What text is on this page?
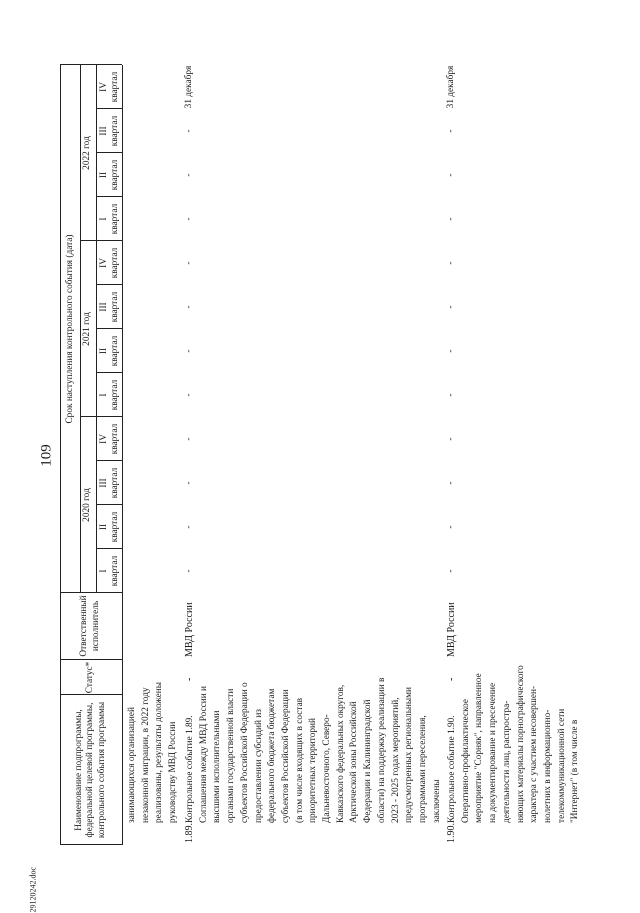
109
29120242.doc
Наименование подпрограммы, федеральной целевой программы, контрольного события программы
Статус*
Ответственный исполнитель
Срок наступления контрольного события (дата)
2020 год
2021 год
2022 год
I квартал
II квартал
III квартал
IV квартал
I квартал
II квартал
III квартал
IV квартал
I квартал
II квартал
III квартал
IV квартал

занимающихся организацией незаконной миграции, в 2022 году реализованы, результаты доложены руководству МВД России

1.89.

Контрольное событие 1.89. Соглашения между МВД России и высшими исполнительными органами государственной власти субъектов Российской Федерации о предоставлении субсидий из федерального бюджета бюджетам субъектов Российской Федерации (в том числе входящих в состав приоритетных территорий Дальневосточного, Северо- Кавказского федеральных округов, Арктической зоны Российской Федерации и Калининградской области) на поддержку реализации в 2023 - 2025 годах мероприятий, предусмотренных региональными программами переселения, заключены

-
МВД России
-
-
-
-
-
-
-
-
-
-
-
31 декабря
1.90.

Контрольное событие 1.90. Оперативно-профилактическое мероприятие "Сорняк", направленное на документирование и пресечение деятельности лиц, распростра- няющих материалы порнографического характера с участием несовершен- нолетних в информационно- телекоммуникационной сети "Интернет" (в том числе в

-
МВД России
-
-
-
-
-
-
-
-
-
-
-
31 декабря
